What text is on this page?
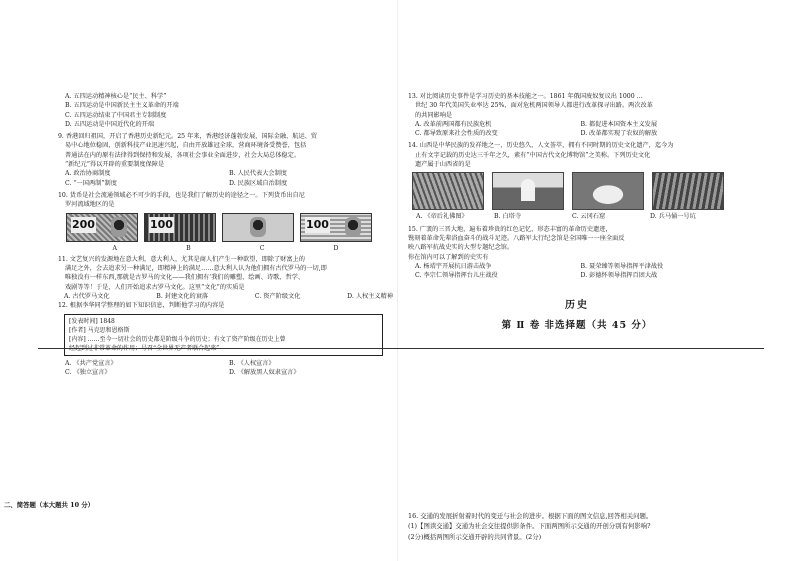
A. 五四运动精神核心是“民主、科学”
B. 五四运动是中国新民主主义革命的开端
C. 五四运动结束了中国君主专制制度
D. 五四运动是中国近代化的开端
9. 香港回归祖国，开启了香港历史新纪元。25 年来，香港经济蓬勃发展，国际金融、航运、贸
易中心地位稳固，创新科技产业迅速兴起，自由开放雄冠全球，营商环境备受赞誉，包括
普通法在内的原有法律得到保持和发展，各项社会事业全面进步，社会大局总体稳定。
“新纪元”得以开辟的重要制度保障是
A. 政治协商制度	B. 人民代表大会制度
C. “一国两制”制度	D. 民族区域自治制度
10. 货币是社会流通领域必不可少的手段，也是我们了解历史的途径之一。下列货币出自尼
罗河流域地区的是
200	100	100
A	B	C	D
11. 文艺复兴的发源地在意大利，意大利人，尤其是商人们产生一种欲望，即除了财富上的
满足之外，会去追求另一种满足，即精神上的满足……意大利人认为他们拥有古代罗马的一切,即
唯独没有一样东西,那就是古罗马的文化——我们拥有‘我们的雕塑、绘画、诗歌、哲学、
戏剧等等！于是，人们开始追求古罗马文化。这里“文化”的实质是
A. 古代罗马文化	B. 封建文化的衰落	C. 资产阶级文化	D. 人权主义精神
12. 根据李华同学整理的如下知识信息，判断他学习的内容是
[发表时间] 1848
[作者] 马克思和恩格斯
[内容] ……至今一切社会的历史都是阶级斗争的历史；有文了资产阶级在历史上曾
经起到过非常革命的作用；号召“全世界无产者联合起来”
A. 《共产党宣言》	B. 《人权宣言》
C. 《独立宣言》	D. 《解放黑人奴隶宣言》
13. 对比阅读历史事件是学习历史的基本技能之一。1861 年俄国废奴复议出 1000 …
世纪 30 年代美国失业率达 25%，面对危机两国领导人都进行改革探寻出路。两次改革
的共同影响是
A. 改革前两国都有民族危机	B. 都促进本国资本主义发展
C. 都导致原来社会性质的改变	D. 改革都实现了农奴的解放
14. 山西是中华民族的发祥地之一，历史悠久，人文荟萃，拥有不同时期的历史文化遗产，迄今为
止有文字记载的历史达三千年之久，素有“中国古代文化博物馆”之美称。下列历史文化
遗产属于山西省的是
A. 《帝后礼佛图》	B. 白塔寺	C. 云冈石窟	D. 兵马俑一号坑
15. 广袤的三晋大地，遍布着珍贵的红色记忆，形态丰富的革命历史遗迹，
镌刻着革命先辈浴血奋斗的战斗足迹。八路军太行纪念馆是全国唯一一座全面反
映八路军抗战史实的大型专题纪念馆。
你在馆内可以了解到的史实有
A. 杨靖宇开展抗日游击战争	B. 聂荣臻等领导指挥平津战役
C. 李宗仁领导指挥台儿庄战役	D. 彭德怀领导指挥百团大战
历史
第 Ⅱ 卷 非选择题（共 45 分）
二、简答题（本大题共 10 分）
16. 交通的发展折射着时代的变迁与社会的进步。根据下面的图文信息,回答相关问题。
(1)【图读交通】交通为社会交往提供影条件。下面两图所示交通的开创分别有何影响?
(2分)概括两图所示交通开辟的共同背景。(2分)
